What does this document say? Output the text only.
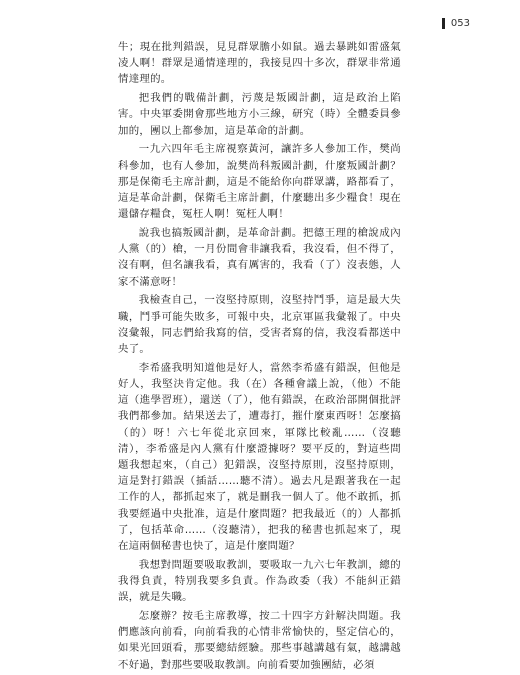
053

牛；現在批判錯誤，見見群眾膽小如鼠。過去暴跳如雷盛氣凌人啊！群眾是通情達理的，我接見四十多次，群眾非常通情達理的。

把我們的戰備計劃，污蔑是叛國計劃，這是政治上陷害。中央軍委開會那些地方小三線，研究（時）全體委員參加的，團以上都參加，這是革命的計劃。

一九六四年毛主席視察黃河，讓許多人參加工作，樊尚科參加，也有人參加，說樊尚科叛國計劃，什麼叛國計劃？那是保衛毛主席計劃，這是不能給你向群眾講，路都看了，這是革命計劃，保衛毛主席計劃，什麼聽出多少糧食！現在還儲存糧食，冤枉人啊！冤枉人啊！

說我也搞叛國計劃，是革命計劃。把德王理的槍說成內人黨（的）槍，一月份間會非讓我看，我沒看，但不得了，沒有啊，但名讓我看，真有厲害的，我看（了）沒表態，人家不滿意呀！

我檢查自己，一沒堅持原則，沒堅持鬥爭，這是最大失職，鬥爭可能失敗多，可報中央，北京軍區我彙報了。中央沒彙報，同志們給我寫的信，受害者寫的信，我沒看都送中央了。

李希盛我明知道他是好人，當然李希盛有錯誤，但他是好人，我堅決肯定他。我（在）各種會議上說，（他）不能這（進學習班），還送（了），他有錯誤，在政治部開個批評我們都參加。結果送去了，遭毒打，摧什麼東西呀！怎麼搞（的）呀！六七年從北京回來，軍隊比較亂……（沒聽清），李希盛是內人黨有什麼證據呀？要平反的，對這些問題我想起來，（自己）犯錯誤，沒堅持原則，沒堅持原則，這是對打錯誤（插話……聽不清）。過去凡是跟著我在一起工作的人，都抓起來了，就是刪我一個人了。他不敢抓，抓我要經過中央批准，這是什麼問題？把我最近（的）人都抓了，包括革命……（沒聽清），把我的秘書也抓起來了，現在這兩個秘書也快了，這是什麼問題？

我想對問題要吸取教訓，要吸取一九六七年教訓，總的我得負責，特別我要多負責。作為政委（我）不能糾正錯誤，就是失職。

怎麼辦？按毛主席教導，按二十四字方針解決問題。我們應該向前看，向前看我的心情非常愉快的，堅定信心的，如果光回頭看，那要總結經驗。那些事越講越有氣，越講越不好過，對那些要吸取教訓。向前看要加強團結，必須
